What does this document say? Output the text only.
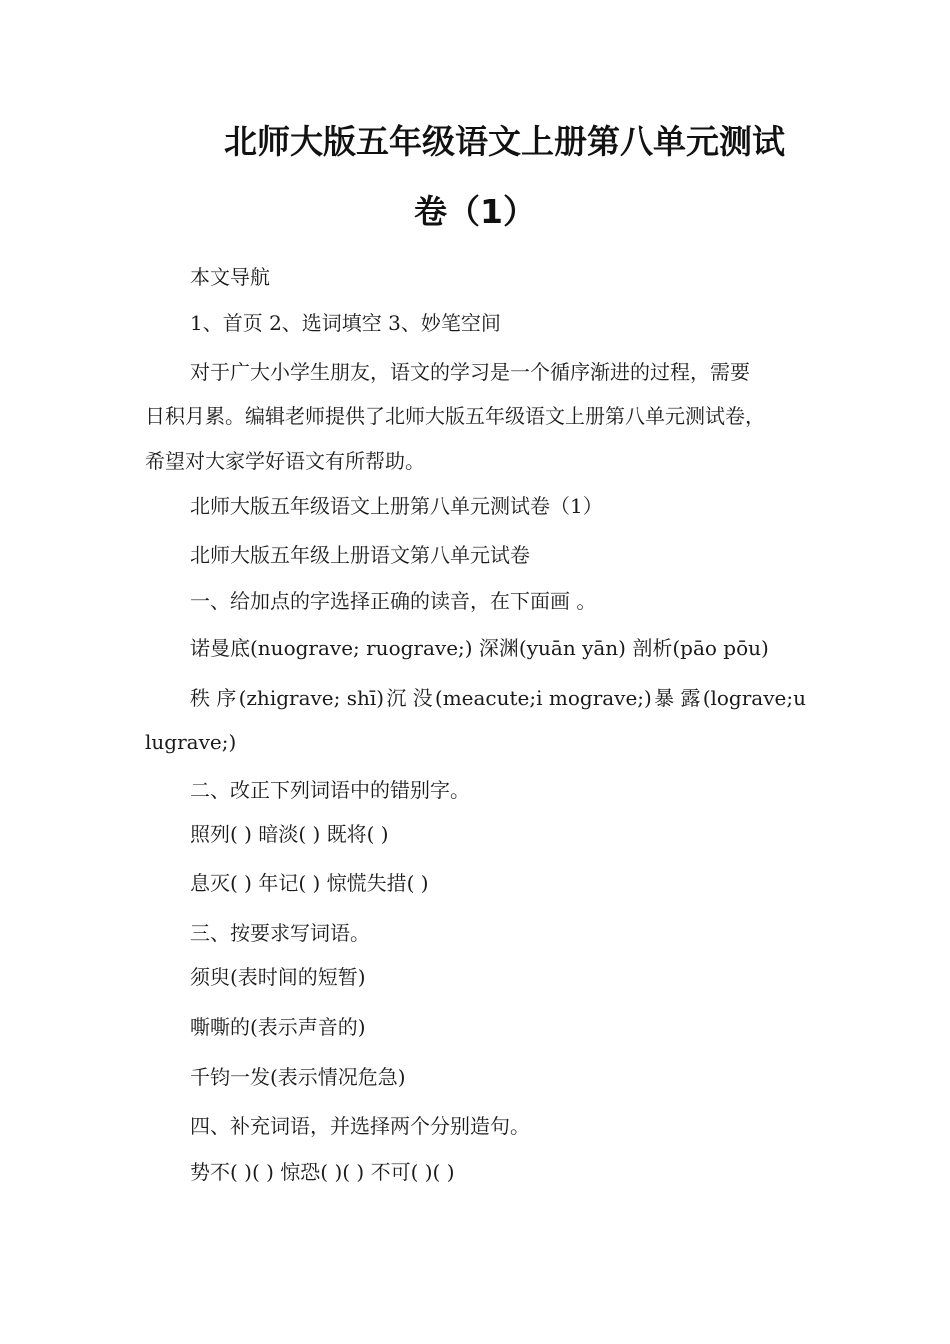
北师大版五年级语文上册第八单元测试
卷（1）

本文导航

1、首页 2、选词填空 3、妙笔空间

对于广大小学生朋友，语文的学习是一个循序渐进的过程，需要

日积月累。编辑老师提供了北师大版五年级语文上册第八单元测试卷，

希望对大家学好语文有所帮助。

北师大版五年级语文上册第八单元测试卷（1）

北师大版五年级上册语文第八单元试卷

一、给加点的字选择正确的读音，在下面画 。

诺曼底(nuograve; ruograve;) 深渊(yuān yān) 剖析(pāo pōu)

秩 序 (zhigrave; shī) 沉 没 (meacute;i mograve;) 暴 露 (lograve;u

lugrave;)

二、改正下列词语中的错别字。

照列( ) 暗淡( ) 既将( )

息灭( ) 年记( ) 惊慌失措( )

三、按要求写词语。

须臾(表时间的短暂)

嘶嘶的(表示声音的)

千钧一发(表示情况危急)

四、补充词语，并选择两个分别造句。

势不( )( ) 惊恐( )( ) 不可( )( )
